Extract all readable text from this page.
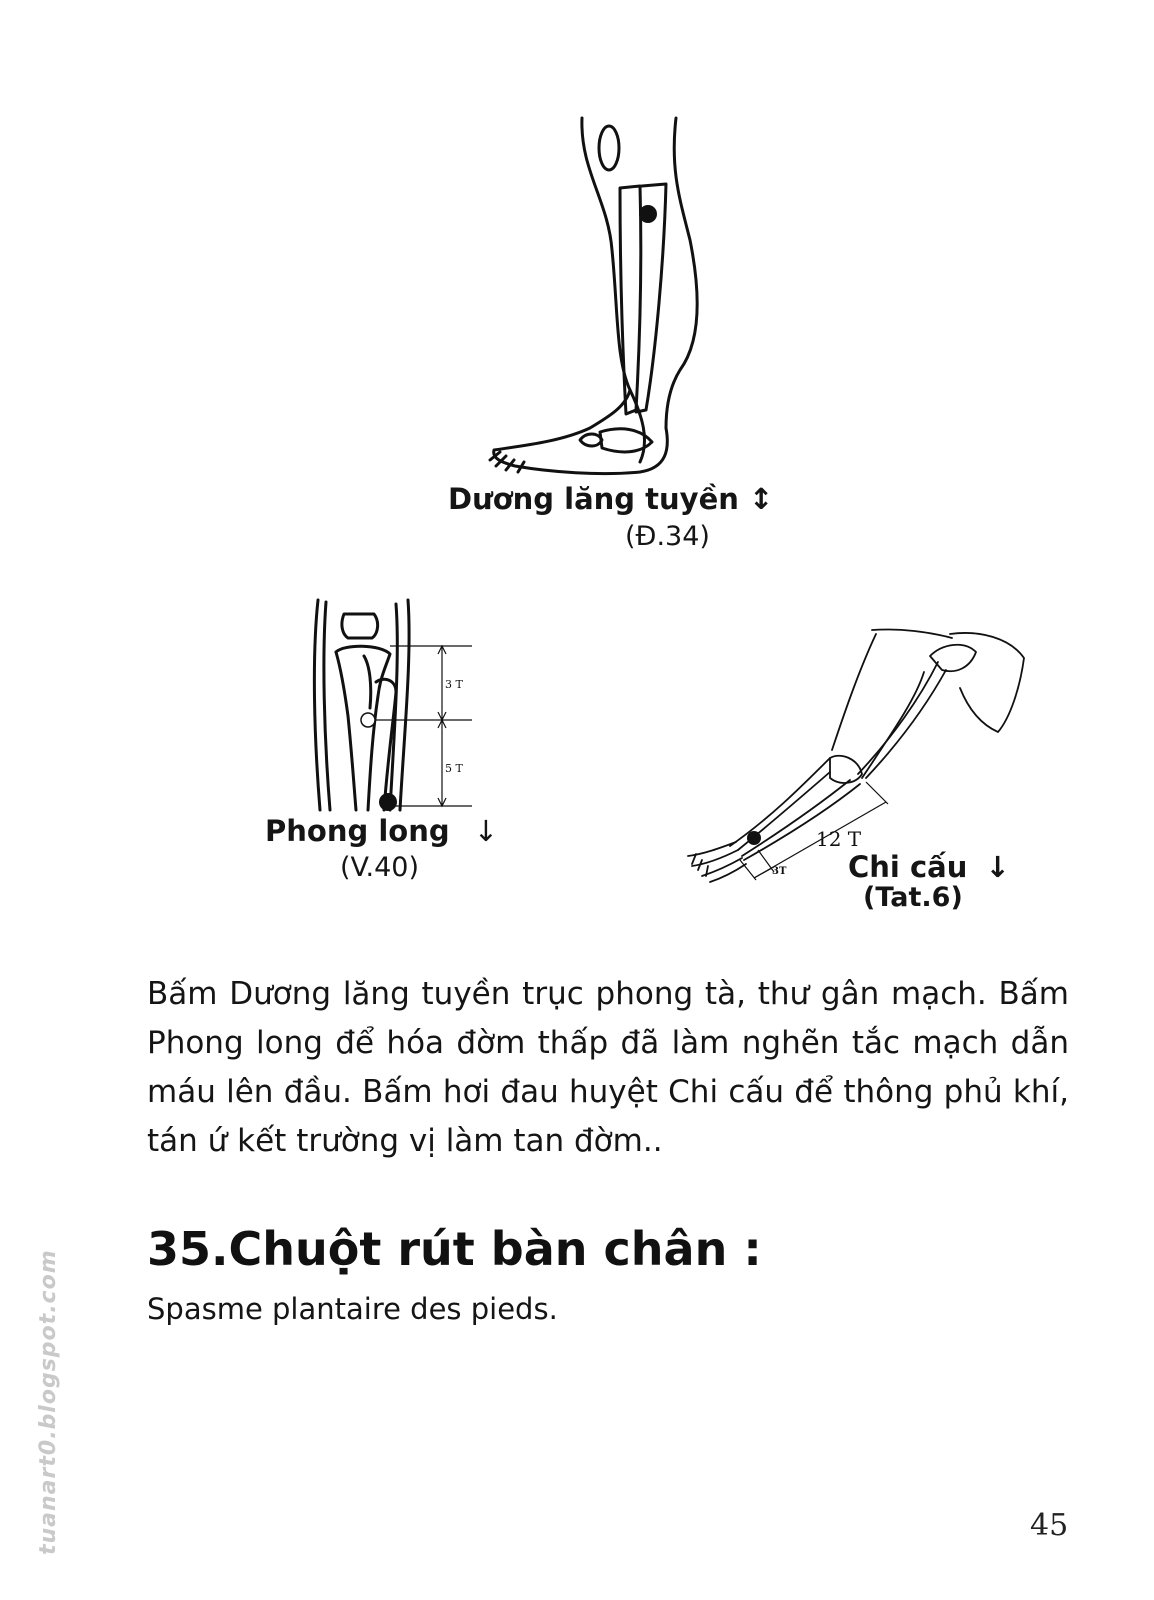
Dương lăng tuyền ↕
(Đ.34)
3 T
5 T
Phong long ↓
(V.40)
12 T
3T Chi cấu ↓
(Tat.6)
Bấm Dương lăng tuyền trục phong tà, thư gân mạch. Bấm Phong long để hóa đờm thấp đã làm nghẽn tắc mạch dẫn máu lên đầu. Bấm hơi đau huyệt Chi cấu để thông phủ khí, tán ứ kết trường vị làm tan đờm..
35.Chuột rút bàn chân :
Spasme plantaire des pieds.
tuanart0.blogspot.com	45
